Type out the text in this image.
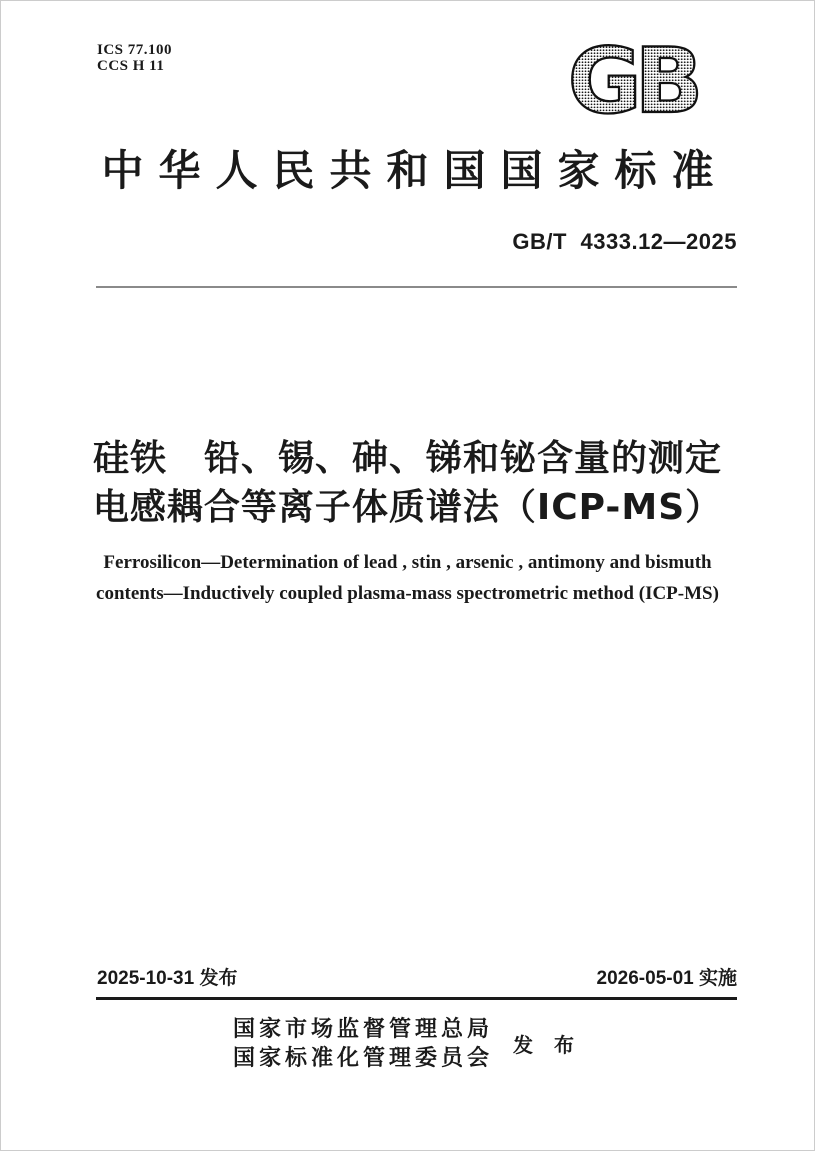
ICS 77.100
CCS H 11	GB
中华人民共和国国家标准
GB/T 4333.12—2025
硅铁　铅、锡、砷、锑和铋含量的测定
电感耦合等离子体质谱法（ICP-MS）
Ferrosilicon—Determination of lead , stin , arsenic , antimony and bismuth
contents—Inductively coupled plasma-mass spectrometric method (ICP-MS)
2025-10-31 发布	2026-05-01 实施
国家市场监督管理总局
国家标准化管理委员会 发 布
